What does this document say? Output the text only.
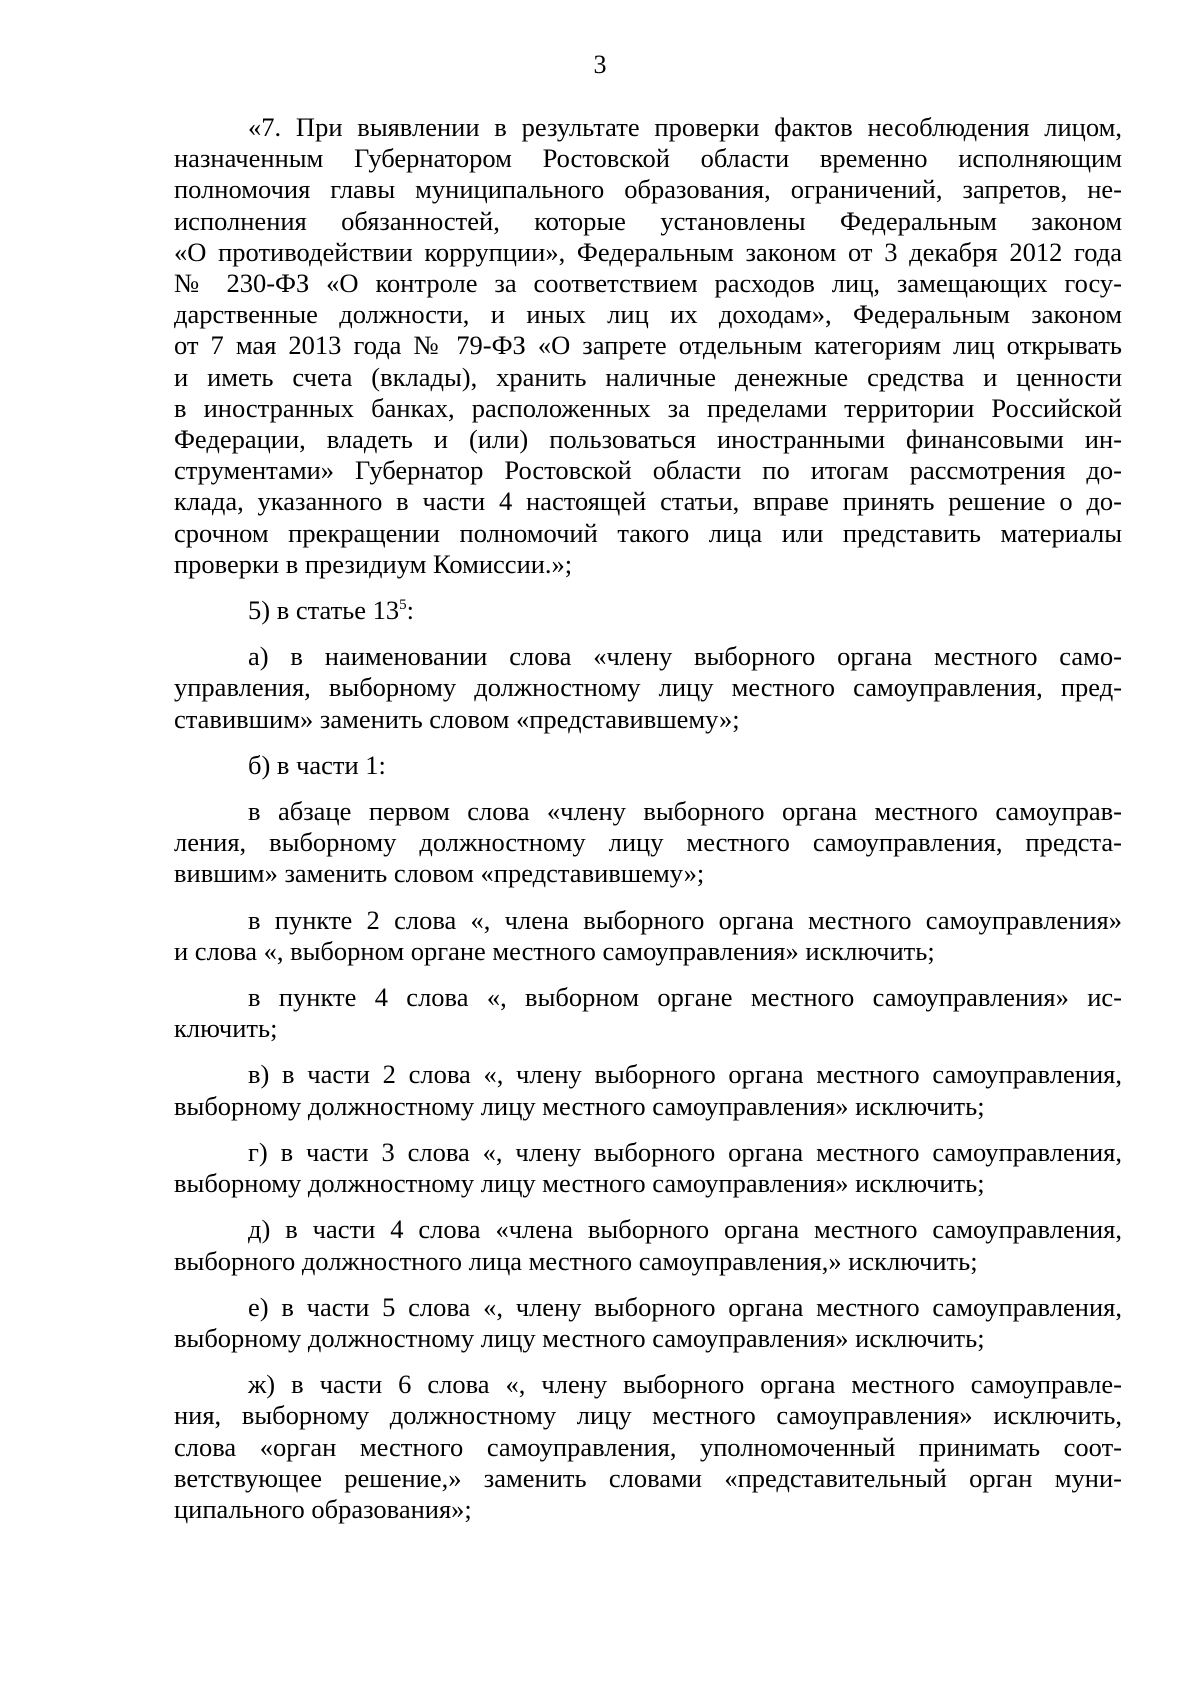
3
«7. При выявлении в результате проверки фактов несоблюдения лицом,
назначенным Губернатором Ростовской области временно исполняющим
полномочия главы муниципального образования, ограничений, запретов, не-
исполнения обязанностей, которые установлены Федеральным законом
«О противодействии коррупции», Федеральным законом от 3 декабря 2012 года
№ 230-ФЗ «О контроле за соответствием расходов лиц, замещающих госу-
дарственные должности, и иных лиц их доходам», Федеральным законом
от 7 мая 2013 года № 79-ФЗ «О запрете отдельным категориям лиц открывать
и иметь счета (вклады), хранить наличные денежные средства и ценности
в иностранных банках, расположенных за пределами территории Российской
Федерации, владеть и (или) пользоваться иностранными финансовыми ин-
струментами» Губернатор Ростовской области по итогам рассмотрения до-
клада, указанного в части 4 настоящей статьи, вправе принять решение о до-
срочном прекращении полномочий такого лица или представить материалы
проверки в президиум Комиссии.»;
5) в статье $13^5$:
а) в наименовании слова «члену выборного органа местного само-
управления, выборному должностному лицу местного самоуправления, пред-
ставившим» заменить словом «представившему»;
б) в части 1:
в абзаце первом слова «члену выборного органа местного самоуправ-
ления, выборному должностному лицу местного самоуправления, предста-
вившим» заменить словом «представившему»;
в пункте 2 слова «, члена выборного органа местного самоуправления»
и слова «, выборном органе местного самоуправления» исключить;
в пункте 4 слова «, выборном органе местного самоуправления» ис-
ключить;
в) в части 2 слова «, члену выборного органа местного самоуправления,
выборному должностному лицу местного самоуправления» исключить;
г) в части 3 слова «, члену выборного органа местного самоуправления,
выборному должностному лицу местного самоуправления» исключить;
д) в части 4 слова «члена выборного органа местного самоуправления,
выборного должностного лица местного самоуправления,» исключить;
е) в части 5 слова «, члену выборного органа местного самоуправления,
выборному должностному лицу местного самоуправления» исключить;
ж) в части 6 слова «, члену выборного органа местного самоуправле-
ния, выборному должностному лицу местного самоуправления» исключить,
слова «орган местного самоуправления, уполномоченный принимать соот-
ветствующее решение,» заменить словами «представительный орган муни-
ципального образования»;
